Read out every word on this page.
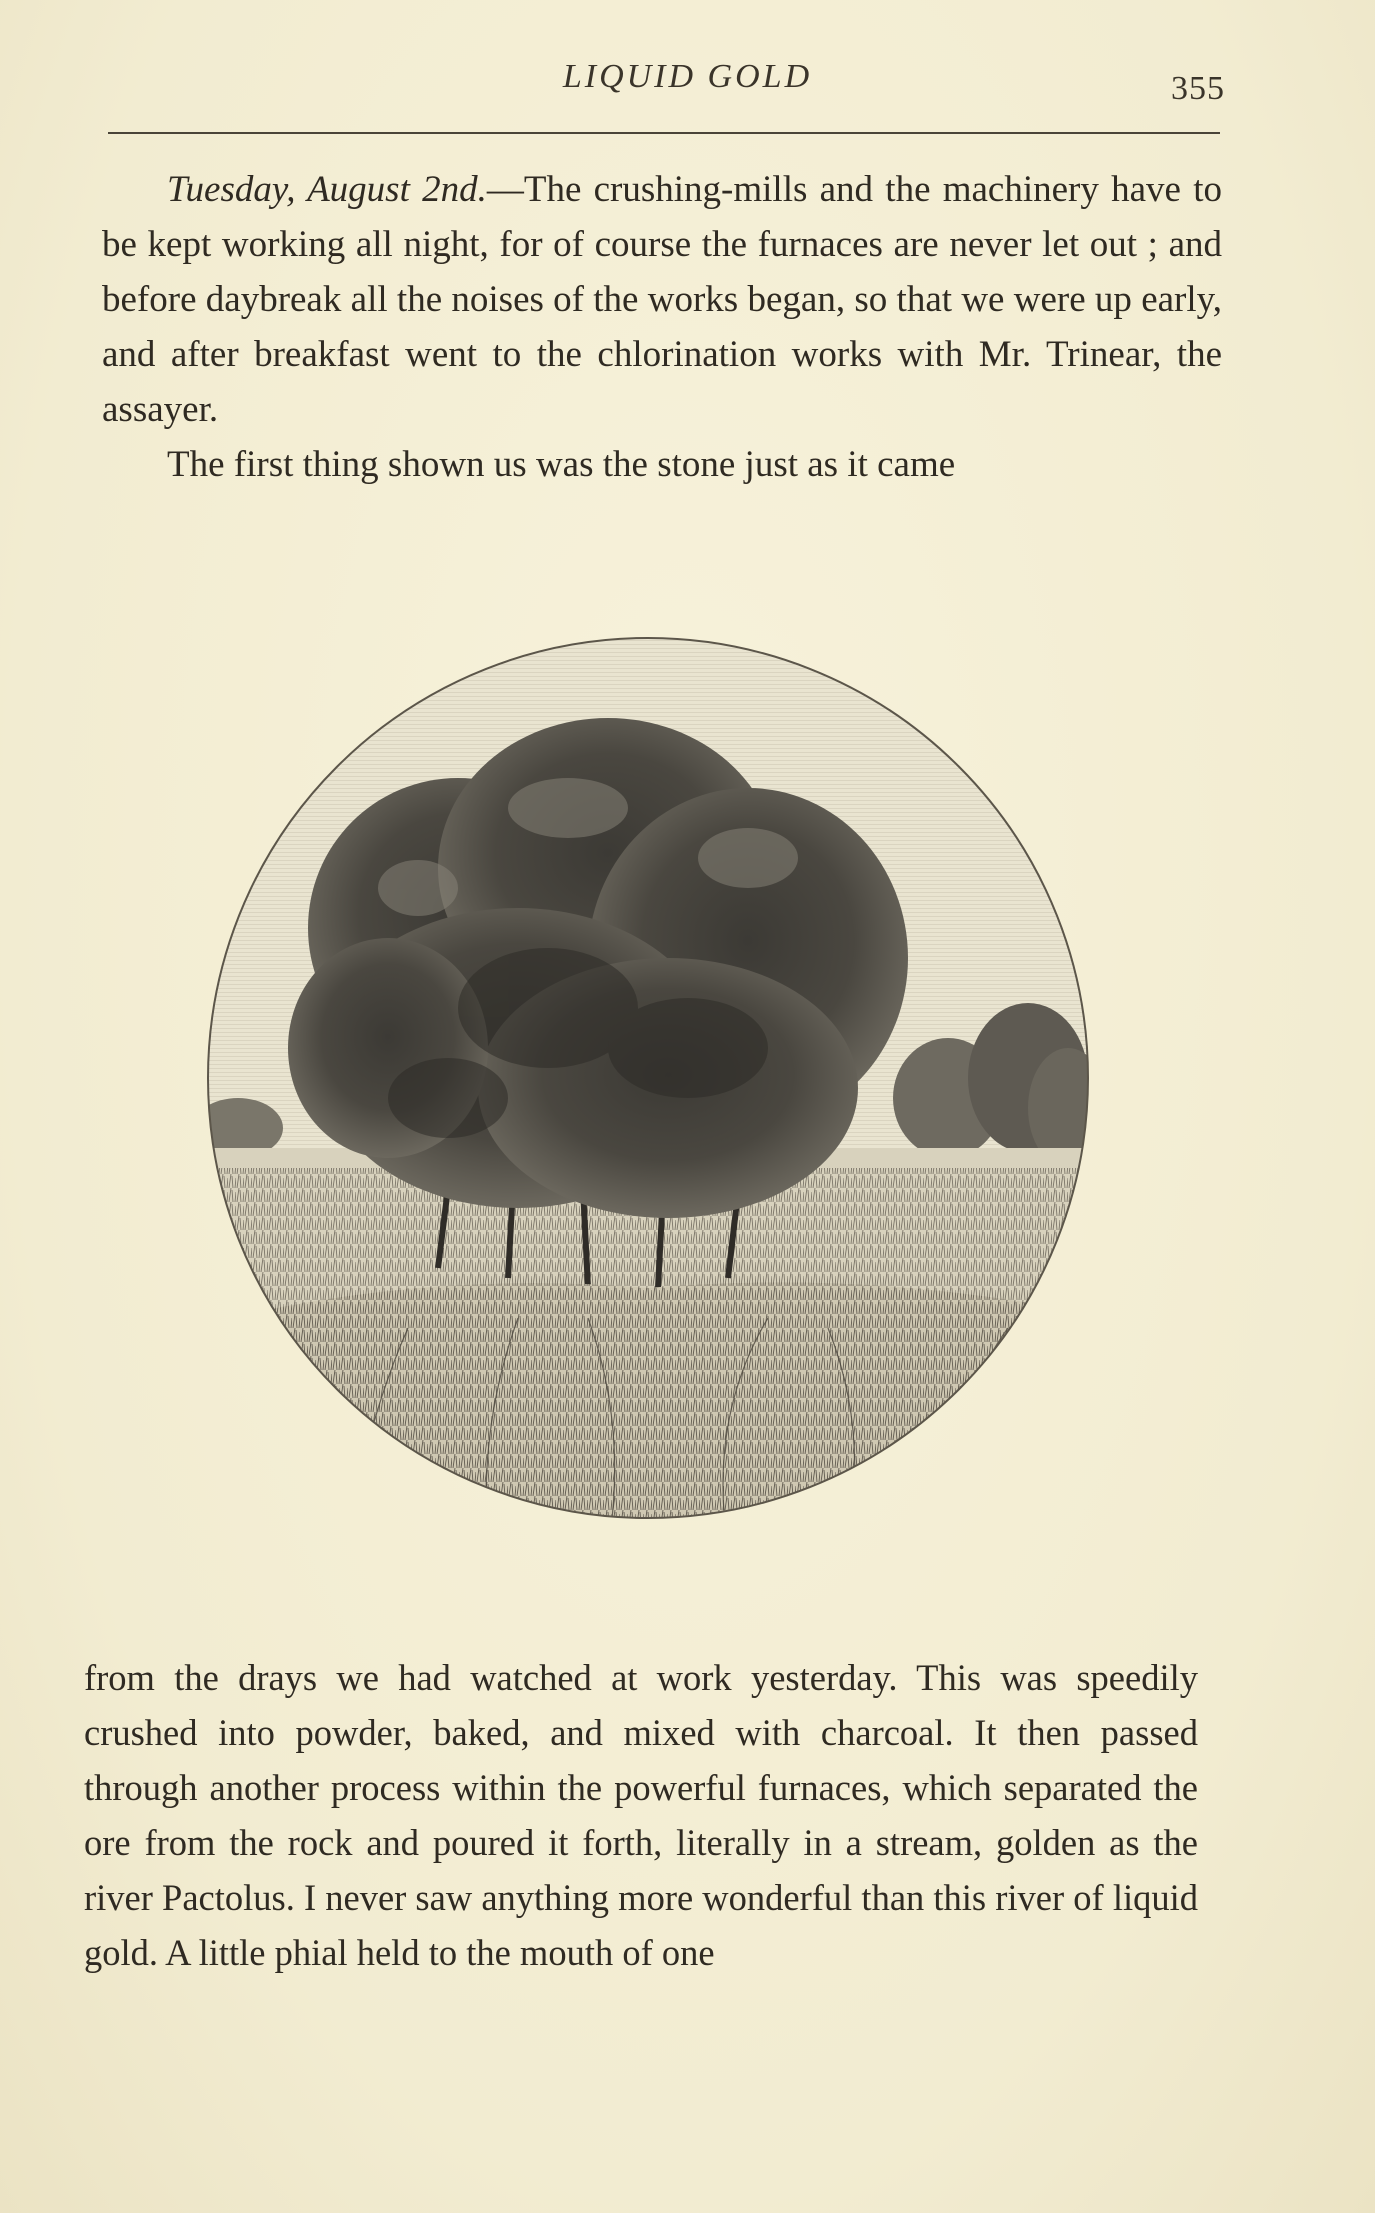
LIQUID GOLD	355

Tuesday, August 2nd.—The crushing-mills and the machinery have to be kept working all night, for of course the furnaces are never let out ; and before daybreak all the noises of the works began, so that we were up early, and after breakfast went to the chlorination works with Mr. Trinear, the assayer.

The first thing shown us was the stone just as it came

from the drays we had watched at work yesterday. This was speedily crushed into powder, baked, and mixed with charcoal. It then passed through another process within the powerful furnaces, which separated the ore from the rock and poured it forth, literally in a stream, golden as the river Pactolus. I never saw anything more wonderful than this river of liquid gold. A little phial held to the mouth of one
